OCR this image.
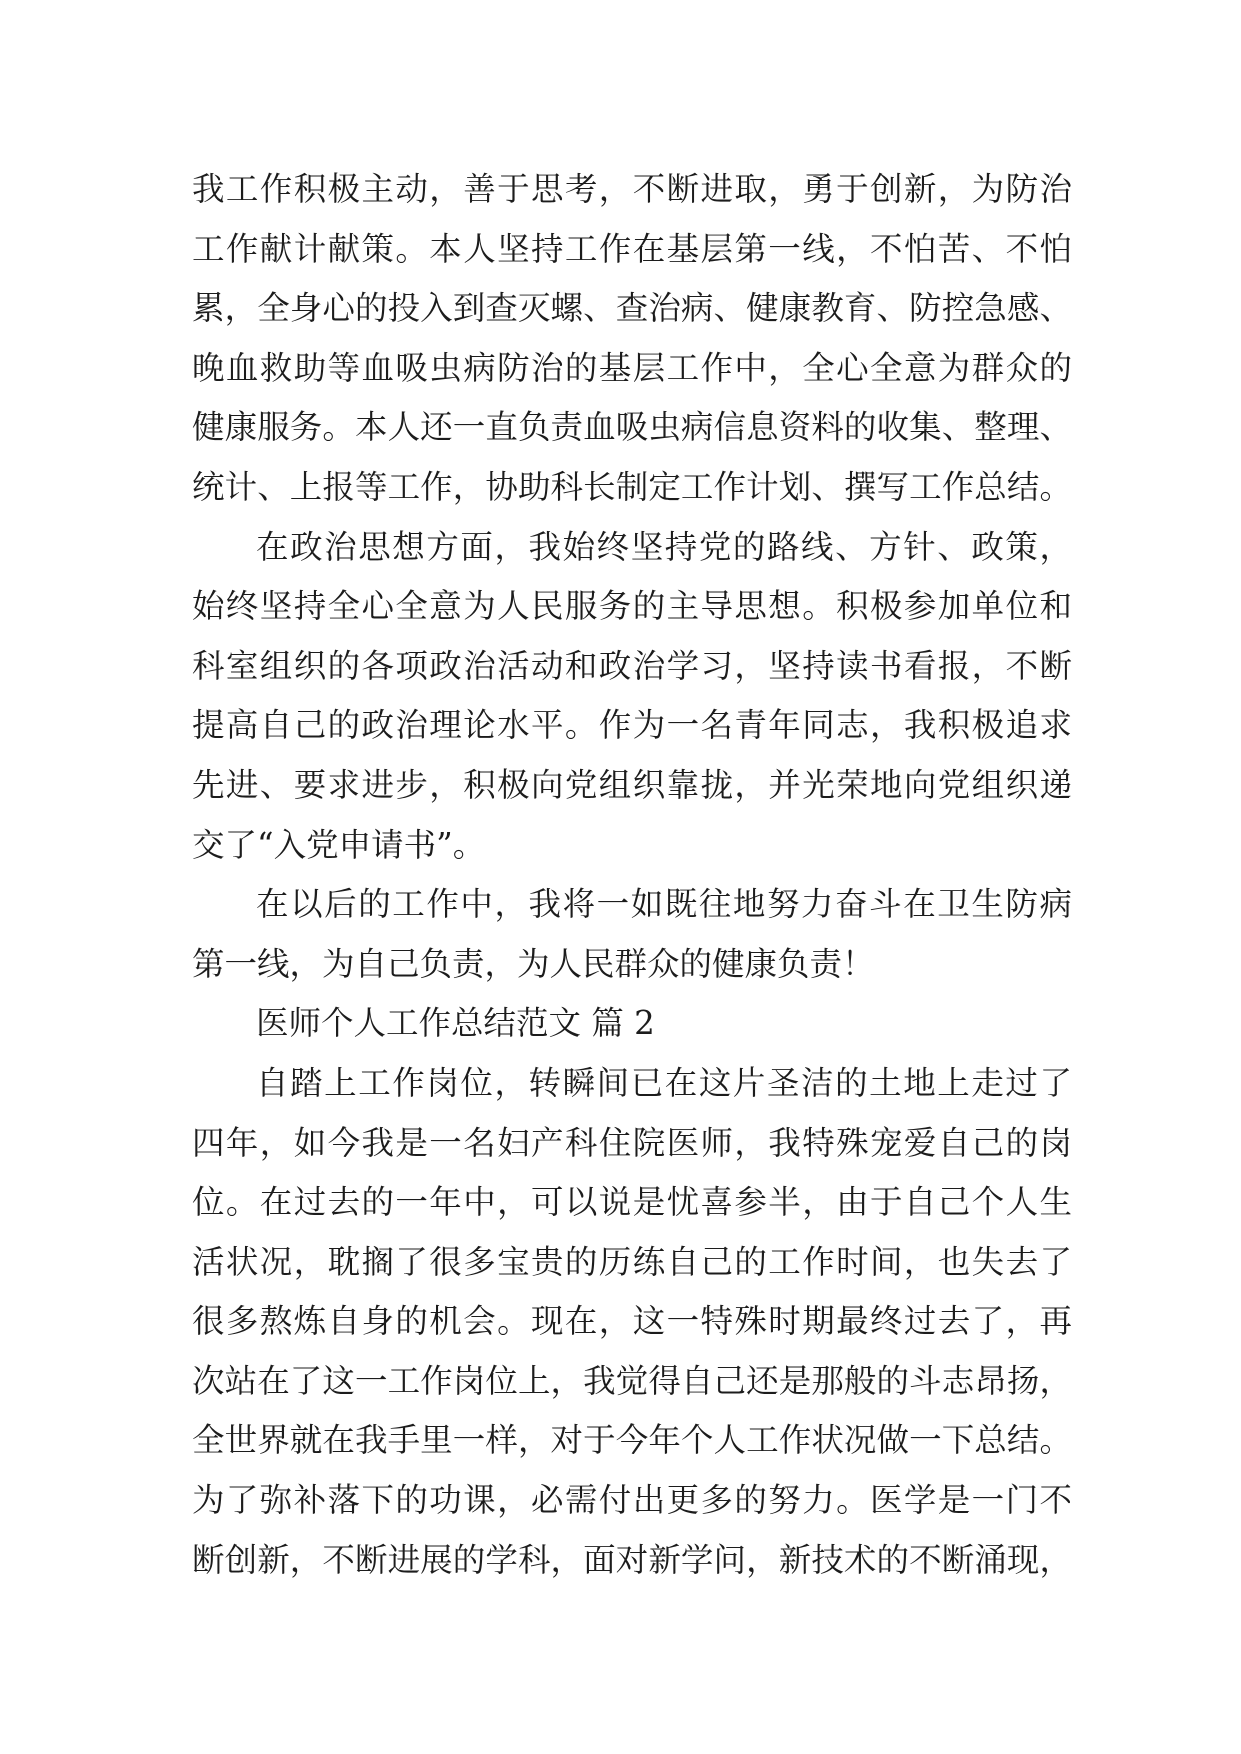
我工作积极主动，善于思考，不断进取，勇于创新，为防治
工作献计献策。本人坚持工作在基层第一线，不怕苦、不怕
累，全身心的投入到查灭螺、查治病、健康教育、防控急感、
晚血救助等血吸虫病防治的基层工作中，全心全意为群众的
健康服务。本人还一直负责血吸虫病信息资料的收集、整理、
统计、上报等工作，协助科长制定工作计划、撰写工作总结。
在政治思想方面，我始终坚持党的路线、方针、政策，
始终坚持全心全意为人民服务的主导思想。积极参加单位和
科室组织的各项政治活动和政治学习，坚持读书看报，不断
提高自己的政治理论水平。作为一名青年同志，我积极追求
先进、要求进步，积极向党组织靠拢，并光荣地向党组织递
交了“入党申请书”。
在以后的工作中，我将一如既往地努力奋斗在卫生防病
第一线，为自己负责，为人民群众的健康负责！
医师个人工作总结范文 篇 2
自踏上工作岗位，转瞬间已在这片圣洁的土地上走过了
四年，如今我是一名妇产科住院医师，我特殊宠爱自己的岗
位。在过去的一年中，可以说是忧喜参半，由于自己个人生
活状况，耽搁了很多宝贵的历练自己的工作时间，也失去了
很多熬炼自身的机会。现在，这一特殊时期最终过去了，再
次站在了这一工作岗位上，我觉得自己还是那般的斗志昂扬，
全世界就在我手里一样，对于今年个人工作状况做一下总结。
为了弥补落下的功课，必需付出更多的努力。医学是一门不
断创新，不断进展的学科，面对新学问，新技术的不断涌现，
